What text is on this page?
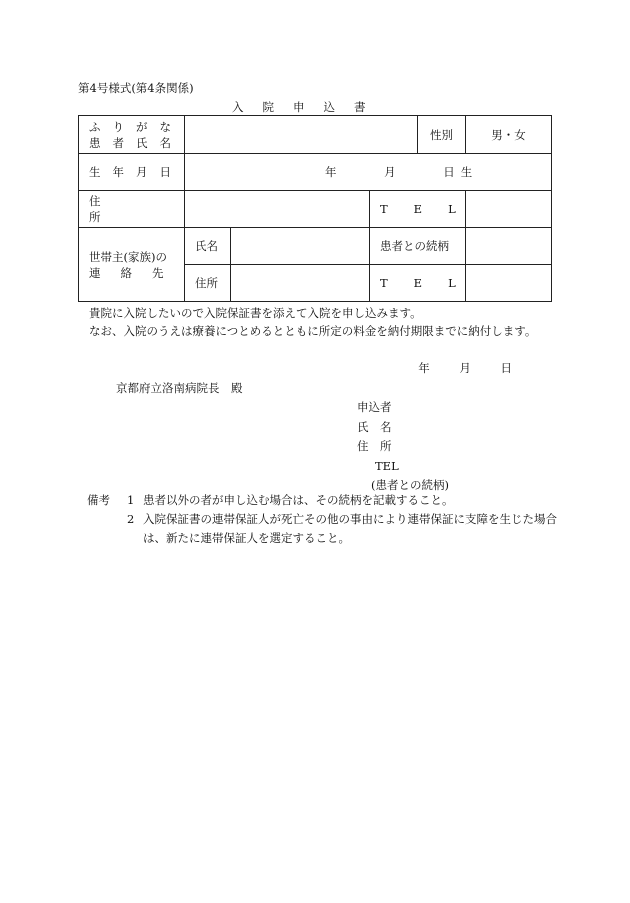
第4号様式(第4条関係)
入院申込書
ふりがな
患者氏名	性別			男・女
生年月日	年 月 日生			
住所			TEL	

世帯主(家族)の
連絡先	氏名		患者との続柄	
	住所		TEL	
貴院に入院したいので入院保証書を添えて入院を申し込みます。
なお、入院のうえは療養につとめるとともに所定の料金を納付期限までに納付します。
年 月 日
京都府立洛南病院長　殿
申込者
氏　名
住　所
TEL
(患者との続柄)
備考	1 患者以外の者が申し込む場合は、その続柄を記載すること。
2 入院保証書の連帯保証人が死亡その他の事由により連帯保証に支障を生じた場合は、新たに連帯保証人を選定すること。
